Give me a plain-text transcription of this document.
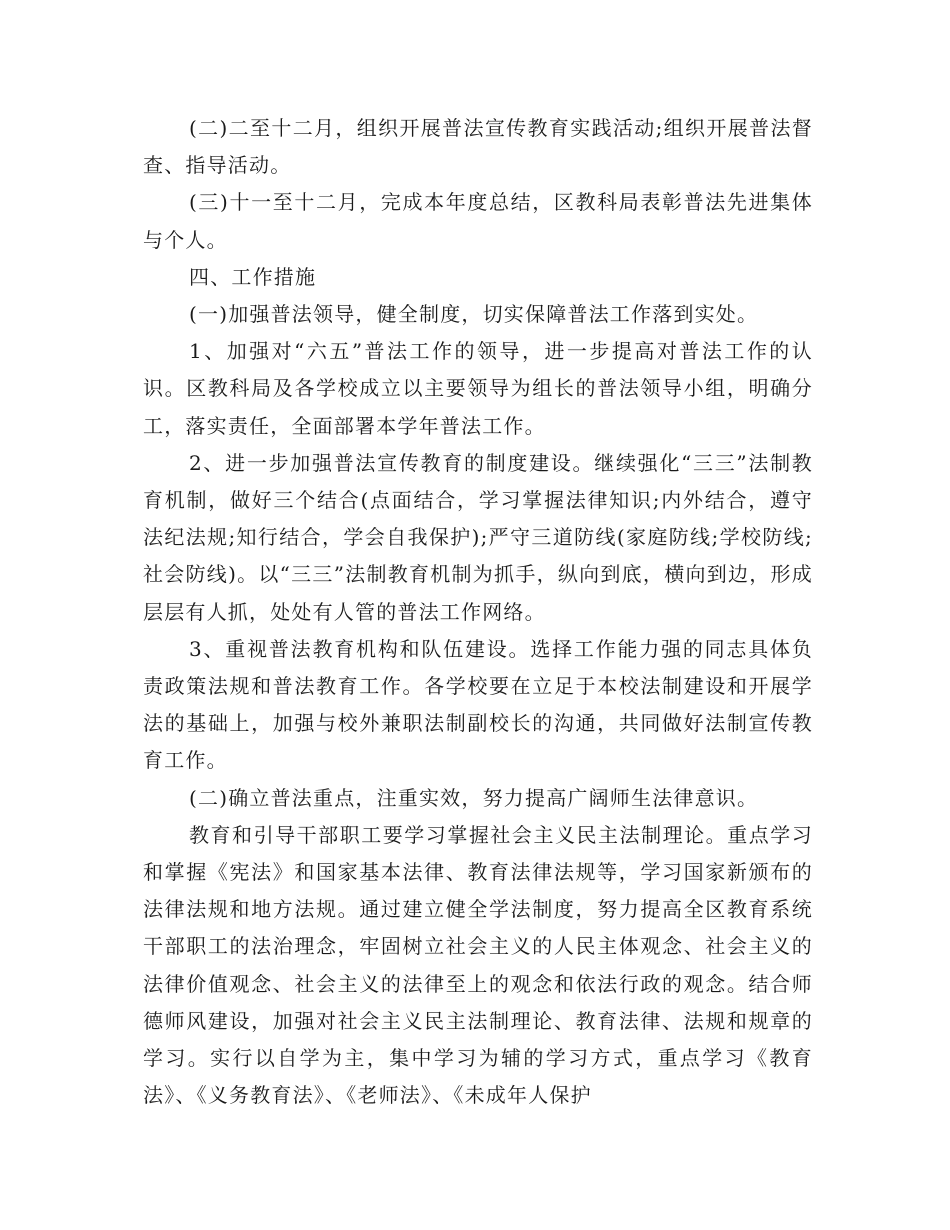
(二)二至十二月，组织开展普法宣传教育实践活动;组织开展普法督查、指导活动。

(三)十一至十二月，完成本年度总结，区教科局表彰普法先进集体与个人。

四、工作措施

(一)加强普法领导，健全制度，切实保障普法工作落到实处。

1、加强对“六五”普法工作的领导，进一步提高对普法工作的认识。区教科局及各学校成立以主要领导为组长的普法领导小组，明确分工，落实责任，全面部署本学年普法工作。

2、进一步加强普法宣传教育的制度建设。继续强化“三三”法制教育机制，做好三个结合(点面结合，学习掌握法律知识;内外结合，遵守法纪法规;知行结合，学会自我保护);严守三道防线(家庭防线;学校防线;社会防线)。以“三三”法制教育机制为抓手，纵向到底，横向到边，形成层层有人抓，处处有人管的普法工作网络。

3、重视普法教育机构和队伍建设。选择工作能力强的同志具体负责政策法规和普法教育工作。各学校要在立足于本校法制建设和开展学法的基础上，加强与校外兼职法制副校长的沟通，共同做好法制宣传教育工作。

(二)确立普法重点，注重实效，努力提高广阔师生法律意识。

教育和引导干部职工要学习掌握社会主义民主法制理论。重点学习和掌握《宪法》和国家基本法律、教育法律法规等，学习国家新颁布的法律法规和地方法规。通过建立健全学法制度，努力提高全区教育系统干部职工的法治理念，牢固树立社会主义的人民主体观念、社会主义的法律价值观念、社会主义的法律至上的观念和依法行政的观念。结合师德师风建设，加强对社会主义民主法制理论、教育法律、法规和规章的学习。实行以自学为主，集中学习为辅的学习方式，重点学习《教育法》、《义务教育法》、《老师法》、《未成年人保护
